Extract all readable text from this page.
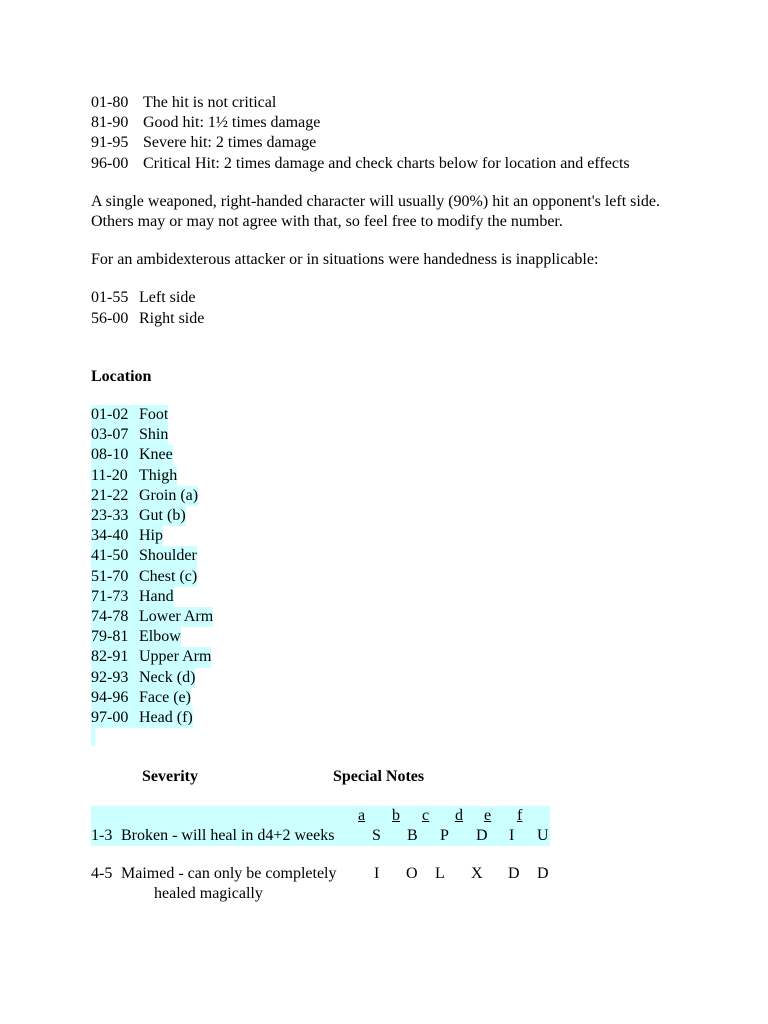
01-80 The hit is not critical
81-90 Good hit: 1½ times damage
91-95 Severe hit: 2 times damage
96-00 Critical Hit: 2 times damage and check charts below for location and effects
A single weaponed, right-handed character will usually (90%) hit an opponent's left side.
Others may or may not agree with that, so feel free to modify the number.
For an ambidexterous attacker or in situations were handedness is inapplicable:
01-55 Left side
56-00 Right side
Location
01-02 Foot
03-07 Shin
08-10 Knee
11-20 Thigh
21-22 Groin (a)
23-33 Gut (b)
34-40 Hip
41-50 Shoulder
51-70 Chest (c)
71-73 Hand
74-78 Lower Arm
79-81 Elbow
82-91 Upper Arm
92-93 Neck (d)
94-96 Face (e)
97-00 Head (f)
Severity	Special Notes
a b c d e f
1-3 Broken - will heal in d4+2 weeks S B P D I U
4-5 Maimed - can only be completely I O L X D D
healed magically
